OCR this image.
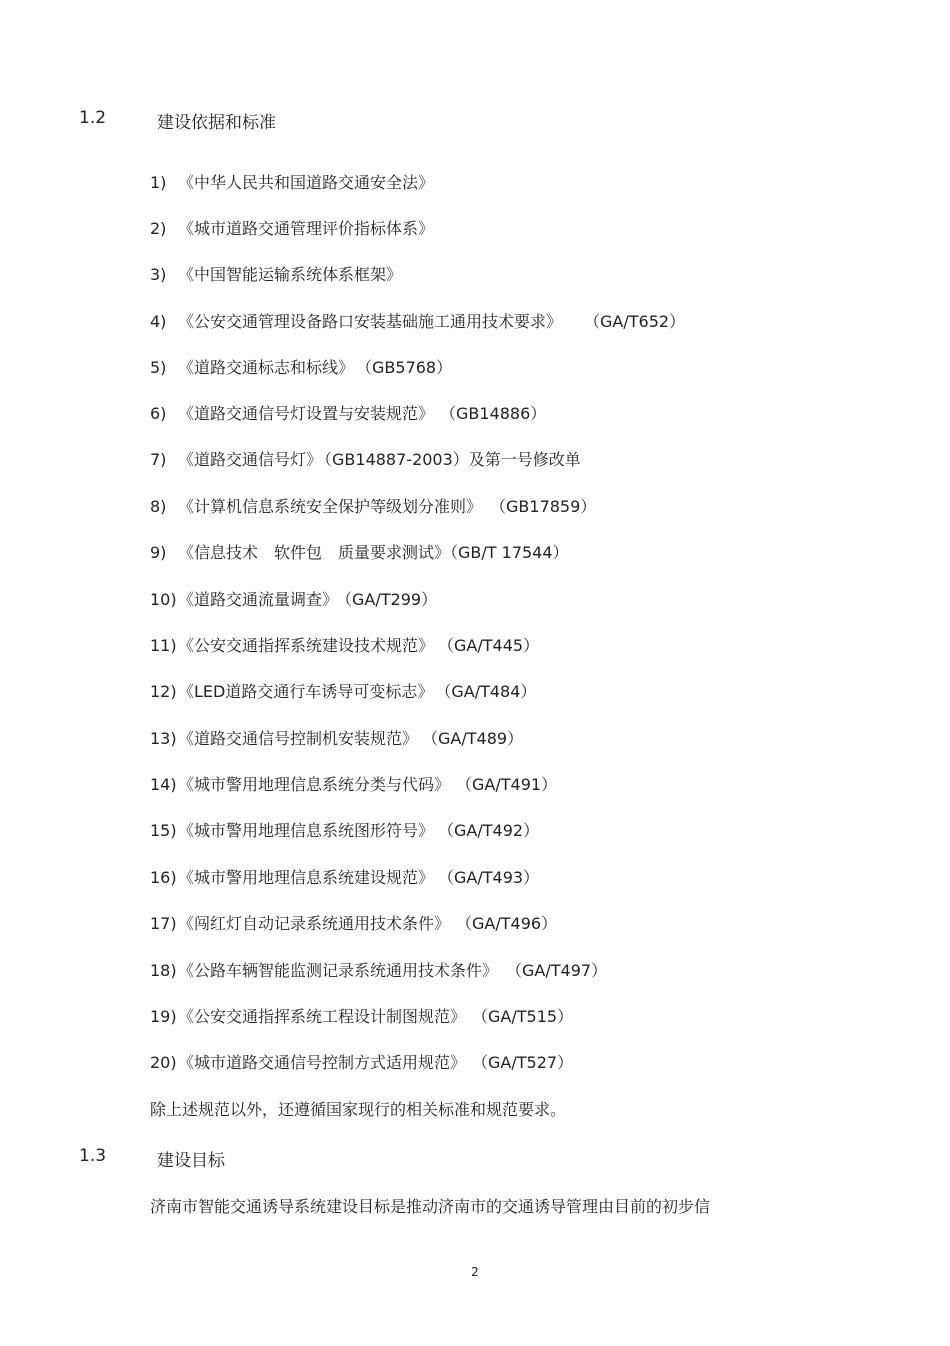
1.2	建设依据和标准
1) 《中华人民共和国道路交通安全法》
2) 《城市道路交通管理评价指标体系》
3) 《中国智能运输系统体系框架》
4) 《公安交通管理设备路口安装基础施工通用技术要求》 （GA/T652）
5) 《道路交通标志和标线》 （GB5768）
6) 《道路交通信号灯设置与安装规范》 （GB14886）
7) 《道路交通信号灯》 （GB14887-2003）及第一号修改单
8) 《计算机信息系统安全保护等级划分准则》 （GB17859）
9) 《信息技术　软件包　质量要求测试》（GB/T 17544）
10)《道路交通流量调查》 （GA/T299）
11)《公安交通指挥系统建设技术规范》 （GA/T445）
12)《LED道路交通行车诱导可变标志》 （GA/T484）
13)《道路交通信号控制机安装规范》 （GA/T489）
14)《城市警用地理信息系统分类与代码》 （GA/T491）
15)《城市警用地理信息系统图形符号》 （GA/T492）
16)《城市警用地理信息系统建设规范》 （GA/T493）
17)《闯红灯自动记录系统通用技术条件》 （GA/T496）
18)《公路车辆智能监测记录系统通用技术条件》 （GA/T497）
19)《公安交通指挥系统工程设计制图规范》 （GA/T515）
20)《城市道路交通信号控制方式适用规范》 （GA/T527）
除上述规范以外，还遵循国家现行的相关标准和规范要求。
1.3	建设目标
济南市智能交通诱导系统建设目标是推动济南市的交通诱导管理由目前的初步信
2
